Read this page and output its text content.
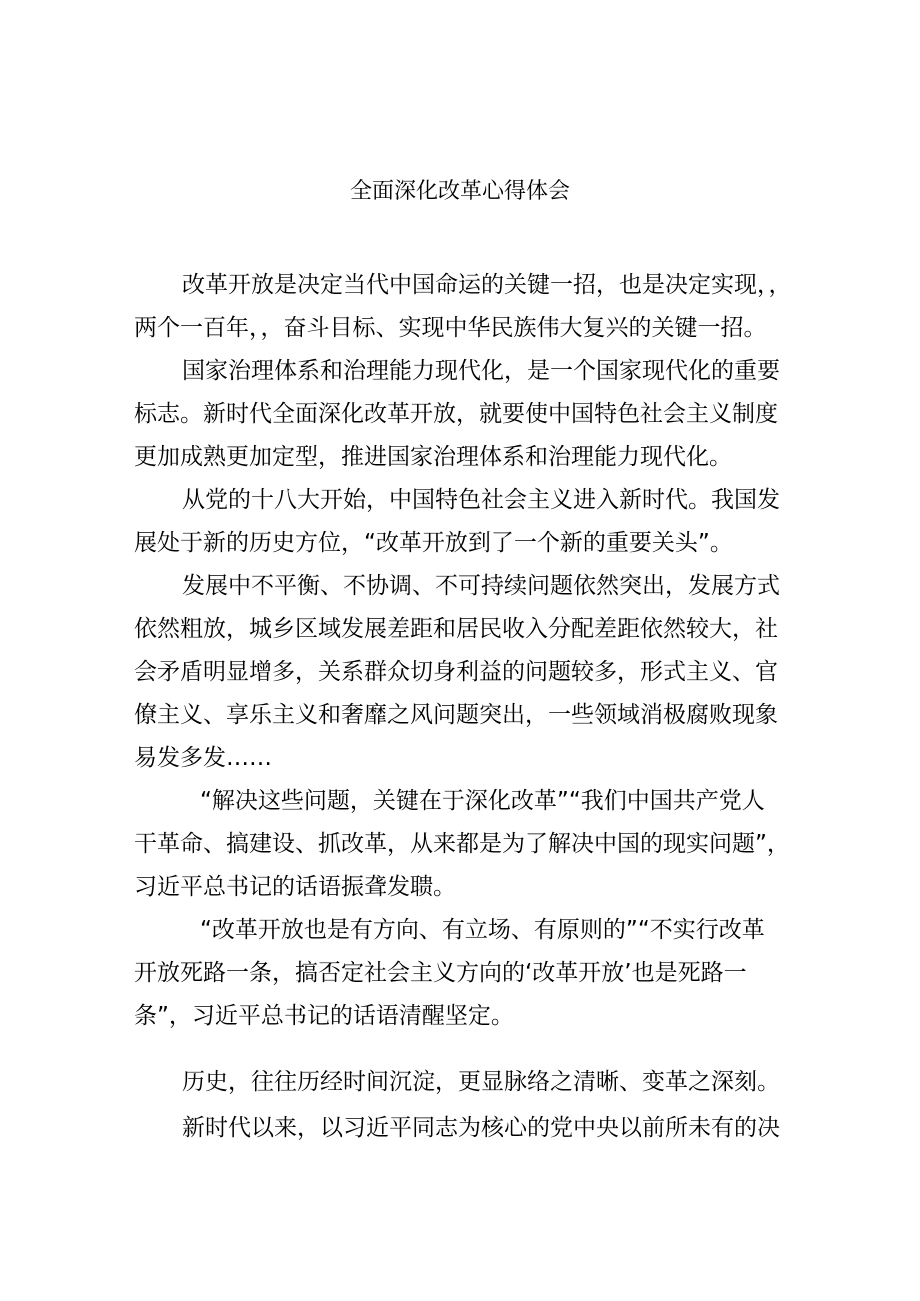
全面深化改革心得体会
改革开放是决定当代中国命运的关键一招，也是决定实现，，
两个一百年，，奋斗目标、实现中华民族伟大复兴的关键一招。
国家治理体系和治理能力现代化，是一个国家现代化的重要
标志。新时代全面深化改革开放，就要使中国特色社会主义制度
更加成熟更加定型，推进国家治理体系和治理能力现代化。
从党的十八大开始，中国特色社会主义进入新时代。我国发
展处于新的历史方位，“改革开放到了一个新的重要关头”。
发展中不平衡、不协调、不可持续问题依然突出，发展方式
依然粗放，城乡区域发展差距和居民收入分配差距依然较大，社
会矛盾明显增多，关系群众切身利益的问题较多，形式主义、官
僚主义、享乐主义和奢靡之风问题突出，一些领域消极腐败现象
易发多发……
“解决这些问题，关键在于深化改革”“我们中国共产党人
干革命、搞建设、抓改革，从来都是为了解决中国的现实问题”，
习近平总书记的话语振聋发聩。
“改革开放也是有方向、有立场、有原则的”“不实行改革
开放死路一条，搞否定社会主义方向的‘改革开放’也是死路一
条”，习近平总书记的话语清醒坚定。
历史，往往历经时间沉淀，更显脉络之清晰、变革之深刻。
新时代以来，以习近平同志为核心的党中央以前所未有的决
